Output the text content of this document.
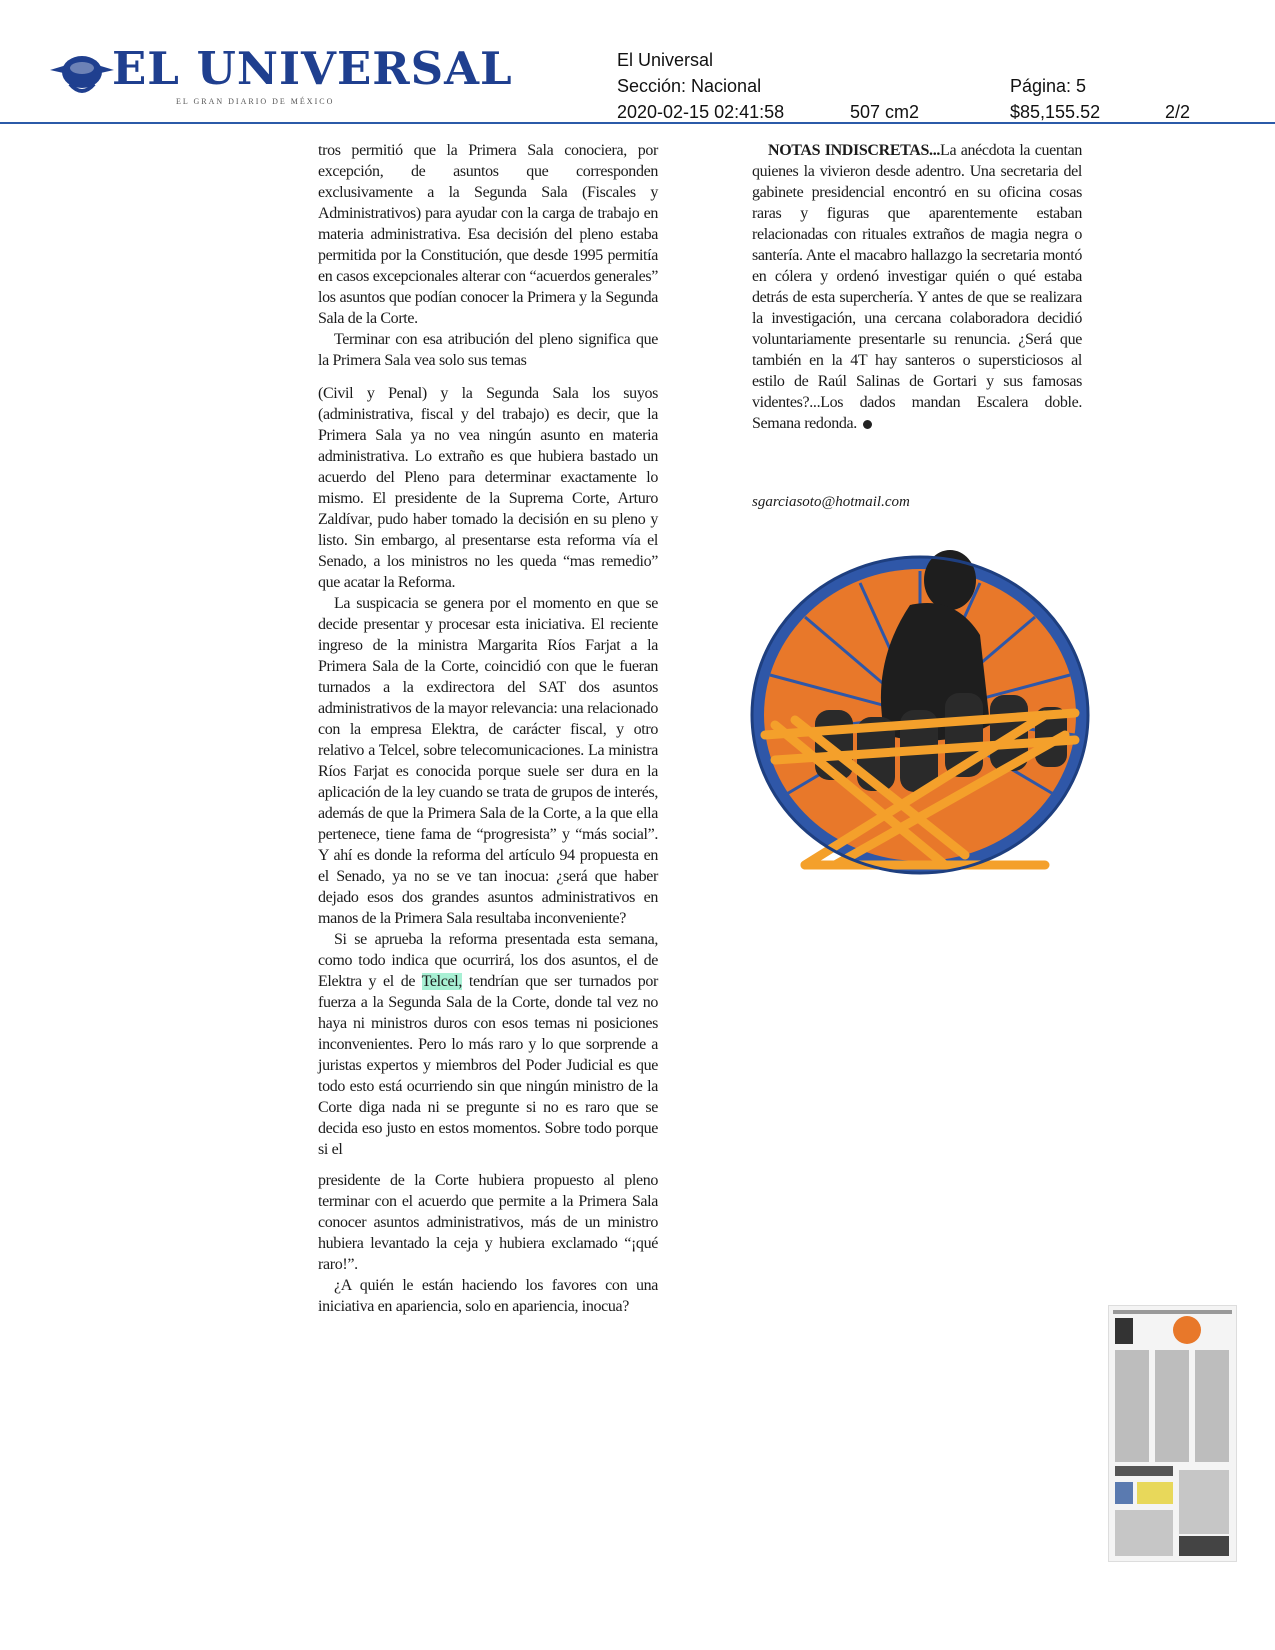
EL UNIVERSAL
EL GRAN DIARIO DE MÉXICO
El Universal
Sección: Nacional
2020-02-15 02:41:58	507 cm2
Página: 5
$85,155.52	2/2

tros permitió que la Primera Sala conociera, por excepción, de asuntos que corresponden exclusivamente a la Segunda Sala (Fiscales y Administrativos) para ayudar con la carga de trabajo en materia administrativa. Esa decisión del pleno estaba permitida por la Constitución, que desde 1995 permitía en casos excepcionales alterar con “acuerdos generales” los asuntos que podían conocer la Primera y la Segunda Sala de la Corte.

Terminar con esa atribución del pleno significa que la Primera Sala vea solo sus temas

(Civil y Penal) y la Segunda Sala los suyos (administrativa, fiscal y del trabajo) es decir, que la Primera Sala ya no vea ningún asunto en materia administrativa. Lo extraño es que hubiera bastado un acuerdo del Pleno para determinar exactamente lo mismo. El presidente de la Suprema Corte, Arturo Zaldívar, pudo haber tomado la decisión en su pleno y listo. Sin embargo, al presentarse esta reforma vía el Senado, a los ministros no les queda “mas remedio” que acatar la Reforma.

La suspicacia se genera por el momento en que se decide presentar y procesar esta iniciativa. El reciente ingreso de la ministra Margarita Ríos Farjat a la Primera Sala de la Corte, coincidió con que le fueran turnados a la exdirectora del SAT dos asuntos administrativos de la mayor relevancia: una relacionado con la empresa Elektra, de carácter fiscal, y otro relativo a Telcel, sobre telecomunicaciones. La ministra Ríos Farjat es conocida porque suele ser dura en la aplicación de la ley cuando se trata de grupos de interés, además de que la Primera Sala de la Corte, a la que ella pertenece, tiene fama de “progresista” y “más social”. Y ahí es donde la reforma del artículo 94 propuesta en el Senado, ya no se ve tan inocua: ¿será que haber dejado esos dos grandes asuntos administrativos en manos de la Primera Sala resultaba inconveniente?

Si se aprueba la reforma presentada esta semana, como todo indica que ocurrirá, los dos asuntos, el de Elektra y el de Telcel, tendrían que ser turnados por fuerza a la Segunda Sala de la Corte, donde tal vez no haya ni ministros duros con esos temas ni posiciones inconvenientes. Pero lo más raro y lo que sorprende a juristas expertos y miembros del Poder Judicial es que todo esto está ocurriendo sin que ningún ministro de la Corte diga nada ni se pregunte si no es raro que se decida eso justo en estos momentos. Sobre todo porque si el

presidente de la Corte hubiera propuesto al pleno terminar con el acuerdo que permite a la Primera Sala conocer asuntos administrativos, más de un ministro hubiera levantado la ceja y hubiera exclamado “¡qué raro!”.

¿A quién le están haciendo los favores con una iniciativa en apariencia, solo en apariencia, inocua?

NOTAS INDISCRETAS...La anécdota la cuentan quienes la vivieron desde adentro. Una secretaria del gabinete presidencial encontró en su oficina cosas raras y figuras que aparentemente estaban relacionadas con rituales extraños de magia negra o santería. Ante el macabro hallazgo la secretaria montó en cólera y ordenó investigar quién o qué estaba detrás de esta superchería. Y antes de que se realizara la investigación, una cercana colaboradora decidió voluntariamente presentarle su renuncia. ¿Será que también en la 4T hay santeros o supersticiosos al estilo de Raúl Salinas de Gortari y sus famosas videntes?...Los dados mandan Escalera doble. Semana redonda.

sgarciasoto@hotmail.com
